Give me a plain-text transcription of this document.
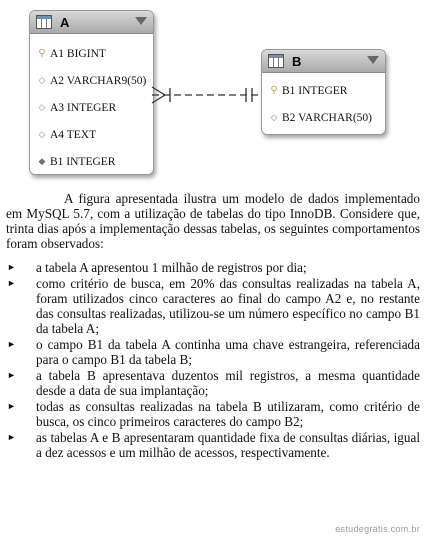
A
⚲ A1 BIGINT
◇ A2 VARCHAR9(50)
◇ A3 INTEGER
◇ A4 TEXT
◆ B1 INTEGER
B
⚲ B1 INTEGER
◇ B2 VARCHAR(50)

A figura apresentada ilustra um modelo de dados implementado em MySQL 5.7, com a utilização de tabelas do tipo InnoDB. Considere que, trinta dias após a implementação dessas tabelas, os seguintes comportamentos foram observados:

► a tabela A apresentou 1 milhão de registros por dia;
► como critério de busca, em 20% das consultas realizadas na tabela A, foram utilizados cinco caracteres ao final do campo A2 e, no restante das consultas realizadas, utilizou-se um número específico no campo B1 da tabela A;
► o campo B1 da tabela A continha uma chave estrangeira, referenciada para o campo B1 da tabela B;
► a tabela B apresentava duzentos mil registros, a mesma quantidade desde a data de sua implantação;
► todas as consultas realizadas na tabela B utilizaram, como critério de busca, os cinco primeiros caracteres do campo B2;
► as tabelas A e B apresentaram quantidade fixa de consultas diárias, igual a dez acessos e um milhão de acessos, respectivamente.
estudegratis.com.br
